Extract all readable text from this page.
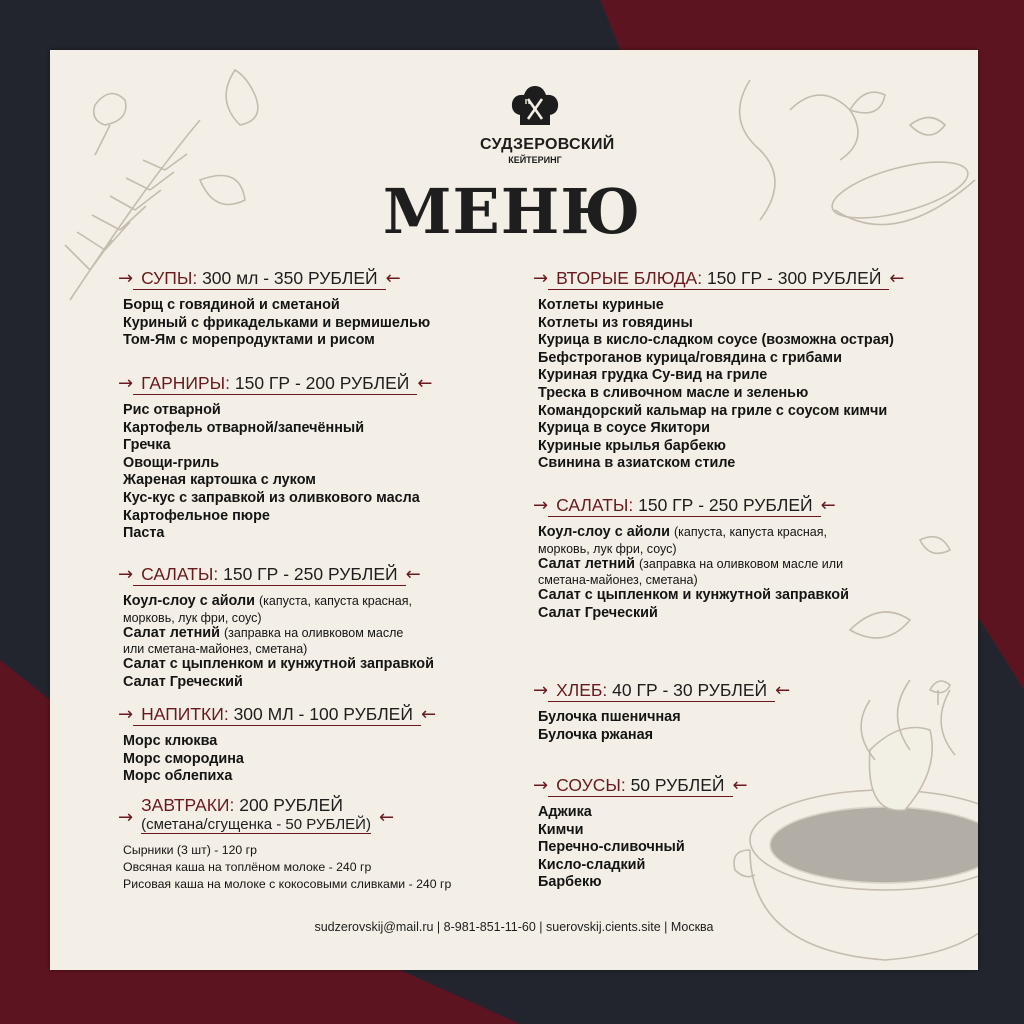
СУДЗЕРОВСКИЙ
КЕЙТЕРИНГ
МЕНЮ
→ СУПЫ: 300 мл - 350 РУБЛЕЙ ←
Борщ с говядиной и сметаной
Куриный с фрикадельками и вермишелью
Том-Ям с морепродуктами и рисом
→ ГАРНИРЫ: 150 ГР - 200 РУБЛЕЙ ←
Рис отварной
Картофель отварной/запечённый
Гречка
Овощи-гриль
Жареная картошка с луком
Кус-кус с заправкой из оливкового масла
Картофельное пюре
Паста
→ САЛАТЫ: 150 ГР - 250 РУБЛЕЙ ←
Коул-слоу с айоли (капуста, капуста красная,
морковь, лук фри, соус)
Салат летний (заправка на оливковом масле
или сметана-майонез, сметана)
Салат с цыпленком и кунжутной заправкой
Салат Греческий
→ НАПИТКИ: 300 МЛ - 100 РУБЛЕЙ ←
Морс клюква
Морс смородина
Морс облепиха
→
ЗАВТРАКИ: 200 РУБЛЕЙ
(сметана/сгущенка - 50 РУБЛЕЙ) ←
Сырники (3 шт) - 120 гр
Овсяная каша на топлёном молоке - 240 гр
Рисовая каша на молоке с кокосовыми сливками - 240 гр
→ ВТОРЫЕ БЛЮДА: 150 ГР - 300 РУБЛЕЙ ←
Котлеты куриные
Котлеты из говядины
Курица в кисло-сладком соусе (возможна острая)
Бефстроганов курица/говядина с грибами
Куриная грудка Су-вид на гриле
Треска в сливочном масле и зеленью
Командорский кальмар на гриле с соусом кимчи
Курица в соусе Якитори
Куриные крылья барбекю
Свинина в азиатском стиле
→ САЛАТЫ: 150 ГР - 250 РУБЛЕЙ ←
Коул-слоу с айоли (капуста, капуста красная,
морковь, лук фри, соус)
Салат летний (заправка на оливковом масле или
сметана-майонез, сметана)
Салат с цыпленком и кунжутной заправкой
Салат Греческий
→ ХЛЕБ: 40 ГР - 30 РУБЛЕЙ ←
Булочка пшеничная
Булочка ржаная
→ СОУСЫ: 50 РУБЛЕЙ ←
Аджика
Кимчи
Перечно-сливочный
Кисло-сладкий
Барбекю
sudzerovskij@mail.ru | 8-981-851-11-60 | suerovskij.cients.site | Москва
